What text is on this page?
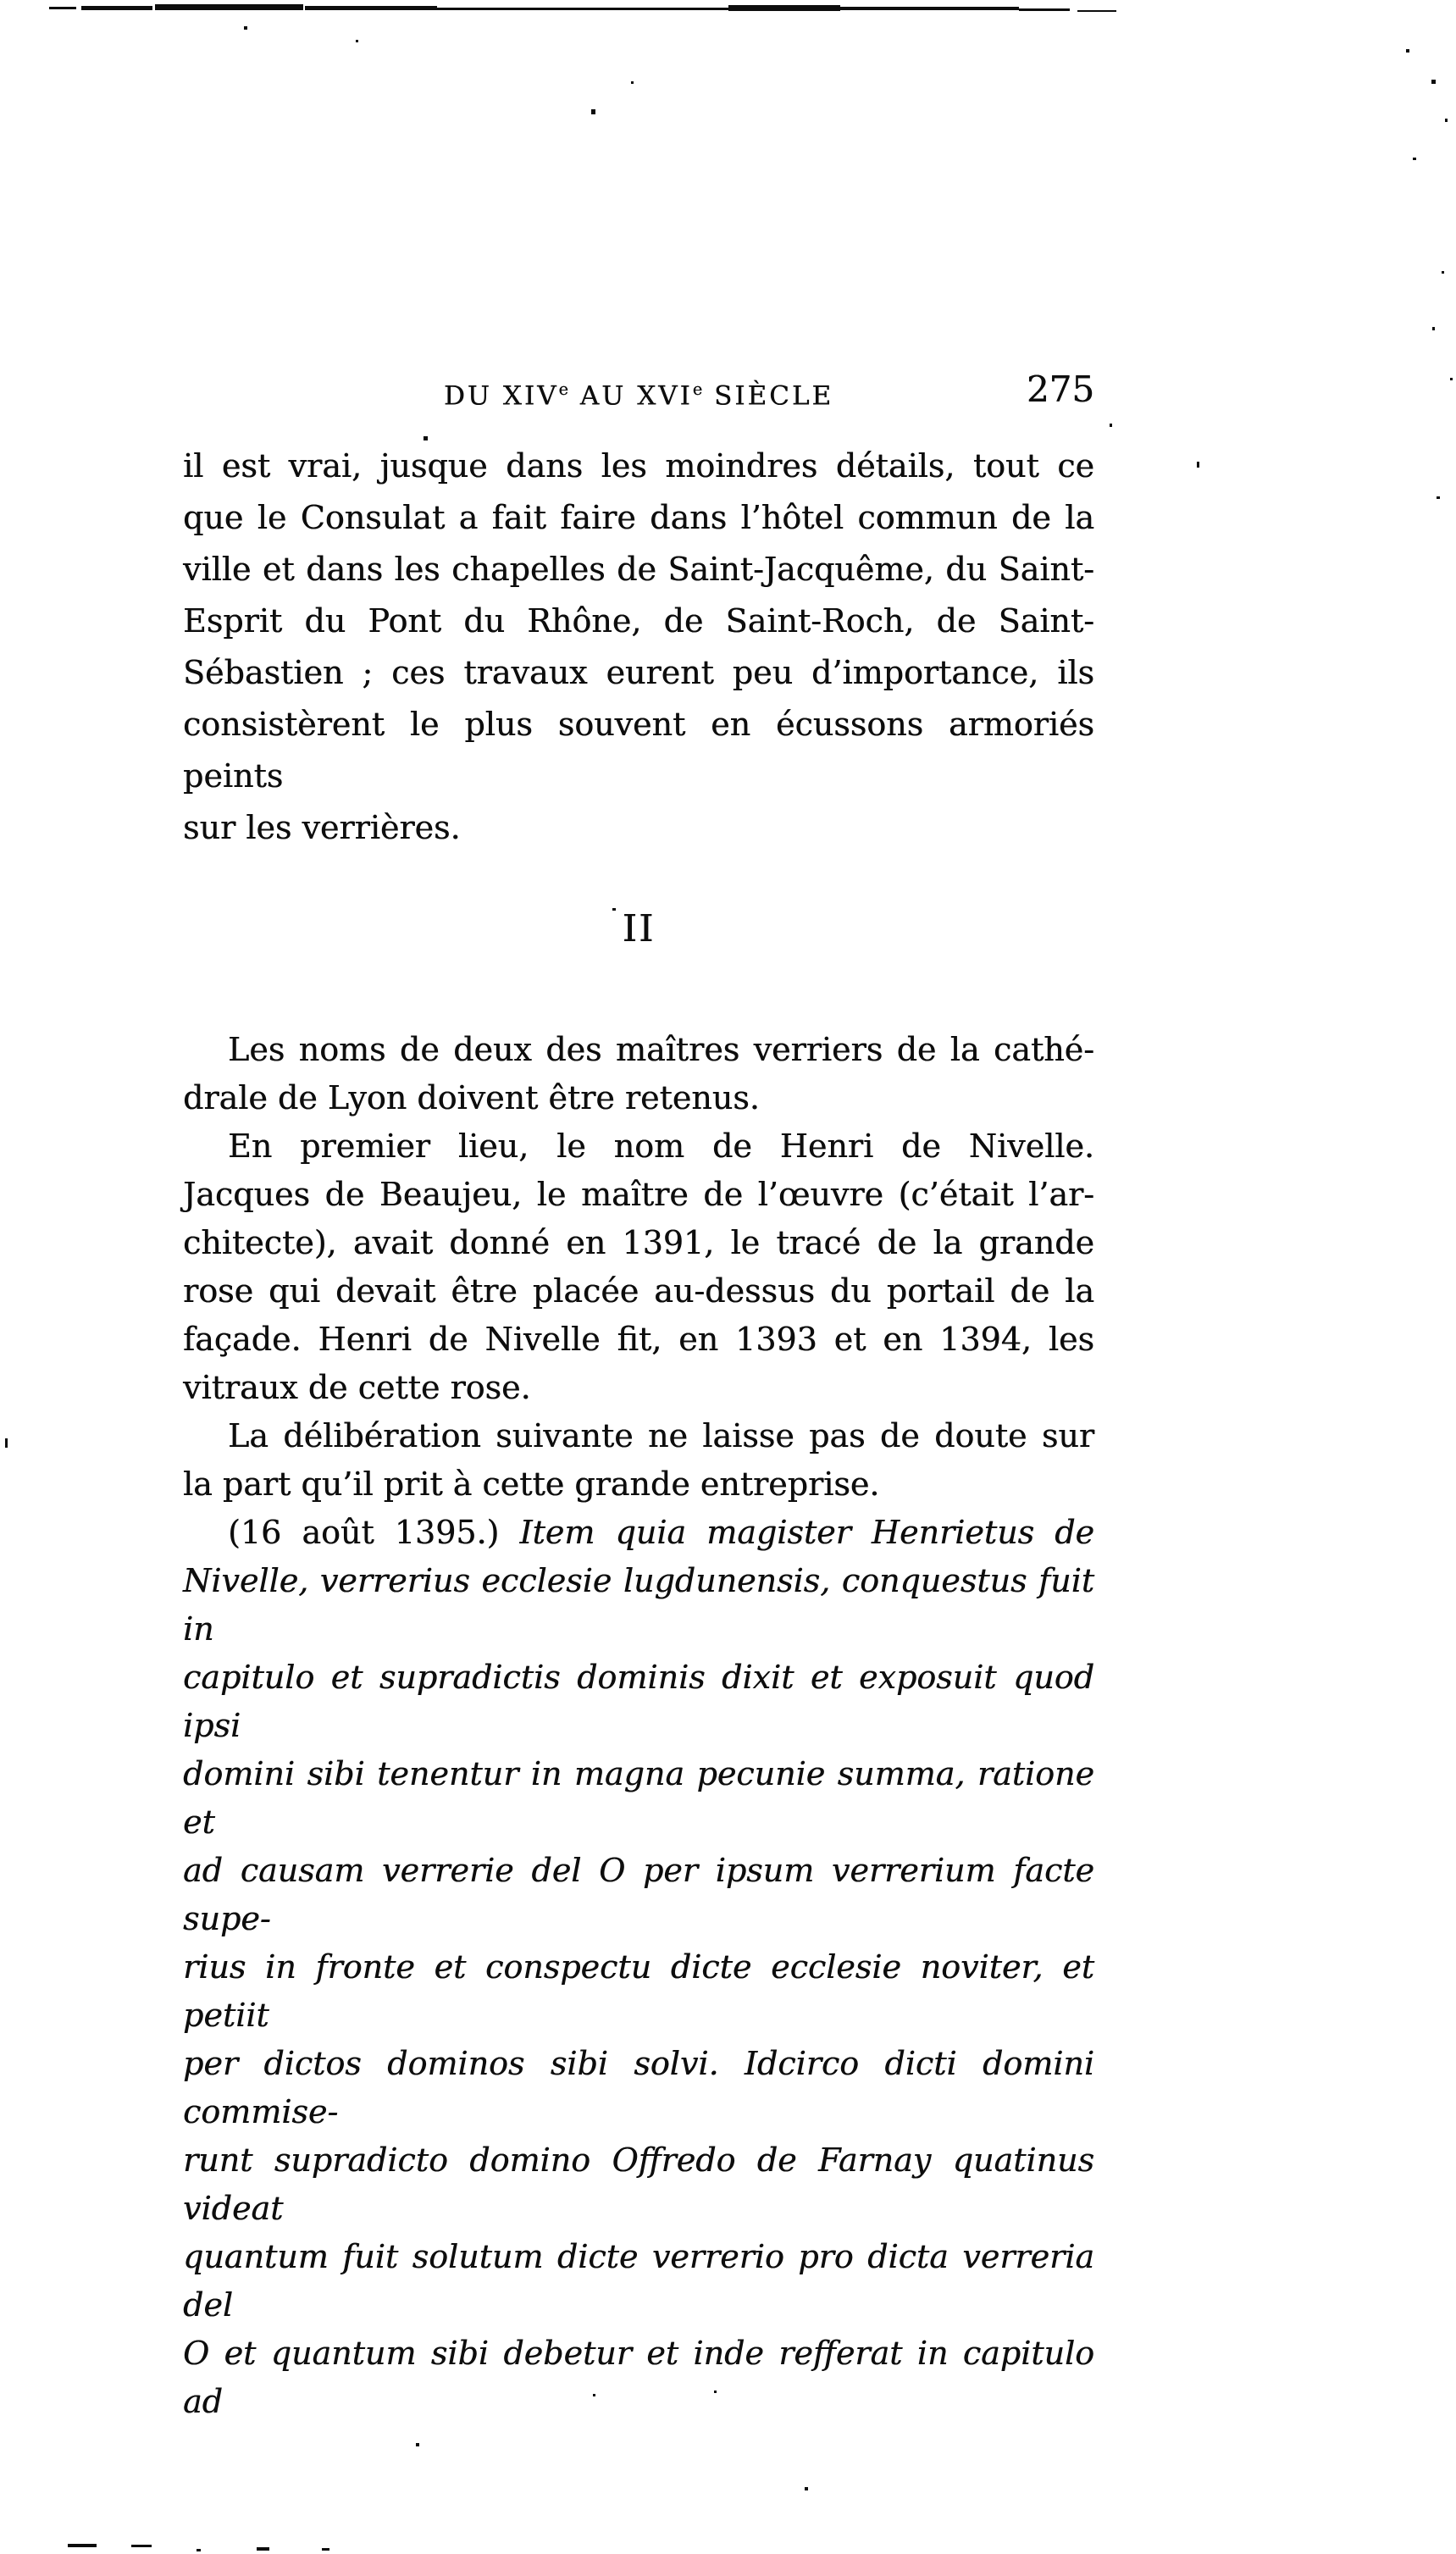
DU XIVe AU XVIe SIÈCLE	275
II
il est vrai, jusque dans les moindres détails, tout ce
que le Consulat a fait faire dans l’hôtel commun de la
ville et dans les chapelles de Saint-Jacquême, du Saint-
Esprit du Pont du Rhône, de Saint-Roch, de Saint-
Sébastien ; ces travaux eurent peu d’importance, ils
consistèrent le plus souvent en écussons armoriés peints
sur les verrières.
Les noms de deux des maîtres verriers de la cathé-
drale de Lyon doivent être retenus.
En premier lieu, le nom de Henri de Nivelle.
Jacques de Beaujeu, le maître de l’œuvre (c’était l’ar-
chitecte), avait donné en 1391, le tracé de la grande
rose qui devait être placée au-dessus du portail de la
façade. Henri de Nivelle fit, en 1393 et en 1394, les
vitraux de cette rose.
La délibération suivante ne laisse pas de doute sur
la part qu’il prit à cette grande entreprise.
(16 août 1395.) Item quia magister Henrietus de
Nivelle, verrerius ecclesie lugdunensis, conquestus fuit in
capitulo et supradictis dominis dixit et exposuit quod ipsi
domini sibi tenentur in magna pecunie summa, ratione et
ad causam verrerie del O per ipsum verrerium facte supe-
rius in fronte et conspectu dicte ecclesie noviter, et petiit
per dictos dominos sibi solvi. Idcirco dicti domini commise-
runt supradicto domino Offredo de Farnay quatinus videat
quantum fuit solutum dicte verrerio pro dicta verreria del
O et quantum sibi debetur et inde refferat in capitulo ad
